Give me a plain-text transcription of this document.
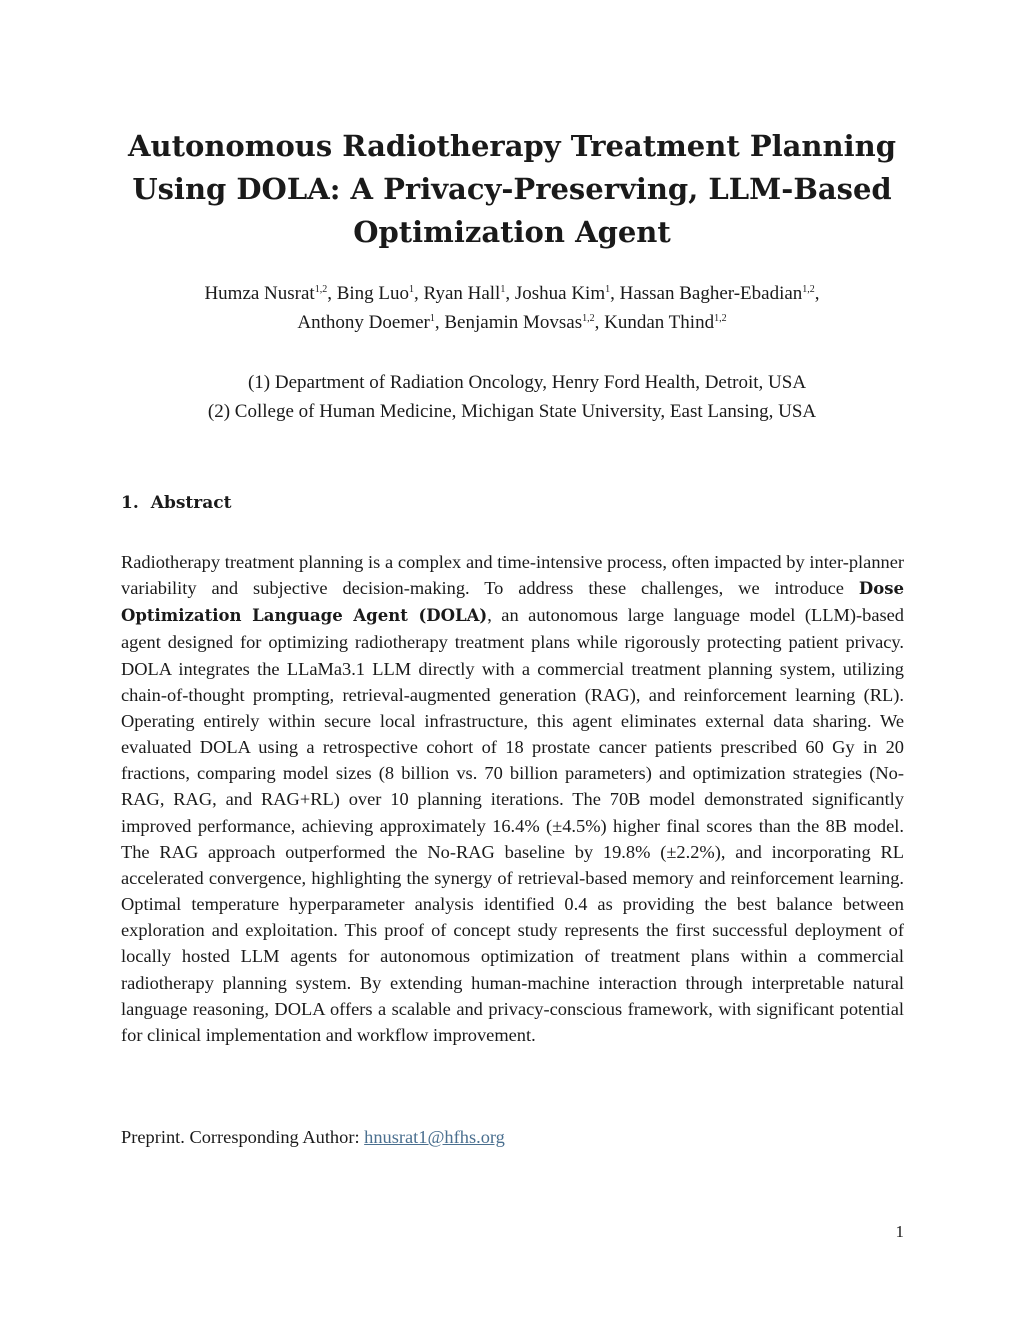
Autonomous Radiotherapy Treatment Planning
Using DOLA: A Privacy-Preserving, LLM-Based
Optimization Agent
Humza Nusrat$^{1,2}$, Bing Luo$^1$, Ryan Hall$^1$, Joshua Kim$^1$, Hassan Bagher-Ebadian$^{1,2}$,
Anthony Doemer$^1$, Benjamin Movsas$^{1,2}$, Kundan Thind$^{1,2}$
(1) Department of Radiation Oncology, Henry Ford Health, Detroit, USA
(2) College of Human Medicine, Michigan State University, East Lansing, USA
1. Abstract

Radiotherapy treatment planning is a complex and time-intensive process, often impacted by inter-planner variability and subjective decision-making. To address these challenges, we introduce Dose Optimization Language Agent (DOLA), an autonomous large language model (LLM)-based agent designed for optimizing radiotherapy treatment plans while rigorously protecting patient privacy. DOLA integrates the LLaMa3.1 LLM directly with a commercial treatment planning system, utilizing chain-of-thought prompting, retrieval-augmented generation (RAG), and reinforcement learning (RL). Operating entirely within secure local infrastructure, this agent eliminates external data sharing. We evaluated DOLA using a retrospective cohort of 18 prostate cancer patients prescribed 60 Gy in 20 fractions, comparing model sizes (8 billion vs. 70 billion parameters) and optimization strategies (No-RAG, RAG, and RAG+RL) over 10 planning iterations. The 70B model demonstrated significantly improved performance, achieving approximately 16.4% (±4.5%) higher final scores than the 8B model. The RAG approach outperformed the No-RAG baseline by 19.8% (±2.2%), and incorporating RL accelerated convergence, highlighting the synergy of retrieval-based memory and reinforcement learning. Optimal temperature hyperparameter analysis identified 0.4 as providing the best balance between exploration and exploitation. This proof of concept study represents the first successful deployment of locally hosted LLM agents for autonomous optimization of treatment plans within a commercial radiotherapy planning system. By extending human-machine interaction through interpretable natural language reasoning, DOLA offers a scalable and privacy-conscious framework, with significant potential for clinical implementation and workflow improvement.

Preprint. Corresponding Author: hnusrat1@hfhs.org
1
